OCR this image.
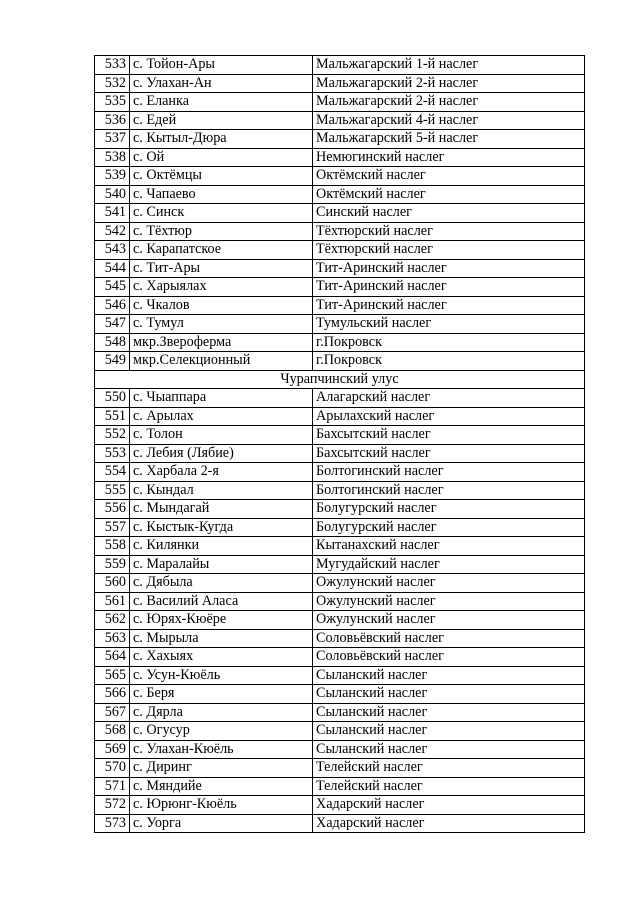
533	с. Тойон-Ары	Мальжагарский 1-й наслег
532	с. Улахан-Ан	Мальжагарский 2-й наслег
535	с. Еланка	Мальжагарский 2-й наслег
536	с. Едей	Мальжагарский 4-й наслег
537	с. Кытыл-Дюра	Мальжагарский 5-й наслег
538	с. Ой	Немюгинский наслег
539	с. Октёмцы	Октёмский наслег
540	с. Чапаево	Октёмский наслег
541	с. Синск	Синский наслег
542	с. Тёхтюр	Тёхтюрский наслег
543	с. Карапатское	Тёхтюрский наслег
544	с. Тит-Ары	Тит-Аринский наслег
545	с. Харыялах	Тит-Аринский наслег
546	с. Чкалов	Тит-Аринский наслег
547	с. Тумул	Тумульский наслег
548	мкр.Звероферма	г.Покровск
549	мкр.Селекционный	г.Покровск
Чурапчинский улус		
550	с. Чыаппара	Алагарский наслег
551	с. Арылах	Арылахский наслег
552	с. Толон	Бахсытский наслег
553	с. Лебия (Лябие)	Бахсытский наслег
554	с. Харбала 2-я	Болтогинский наслег
555	с. Кындал	Болтогинский наслег
556	с. Мындагай	Болугурский наслег
557	с. Кыстык-Кугда	Болугурский наслег
558	с. Килянки	Кытанахский наслег
559	с. Маралайы	Мугудайский наслег
560	с. Дябыла	Ожулунский наслег
561	с. Василий Аласа	Ожулунский наслег
562	с. Юрях-Кюёре	Ожулунский наслег
563	с. Мырыла	Соловьёвский наслег
564	с. Хахыях	Соловьёвский наслег
565	с. Усун-Кюёль	Сыланский наслег
566	с. Беря	Сыланский наслег
567	с. Дярла	Сыланский наслег
568	с. Огусур	Сыланский наслег
569	с. Улахан-Кюёль	Сыланский наслег
570	с. Диринг	Телейский наслег
571	с. Мяндийе	Телейский наслег
572	с. Юрюнг-Кюёль	Хадарский наслег
573	с. Уорга	Хадарский наслег
